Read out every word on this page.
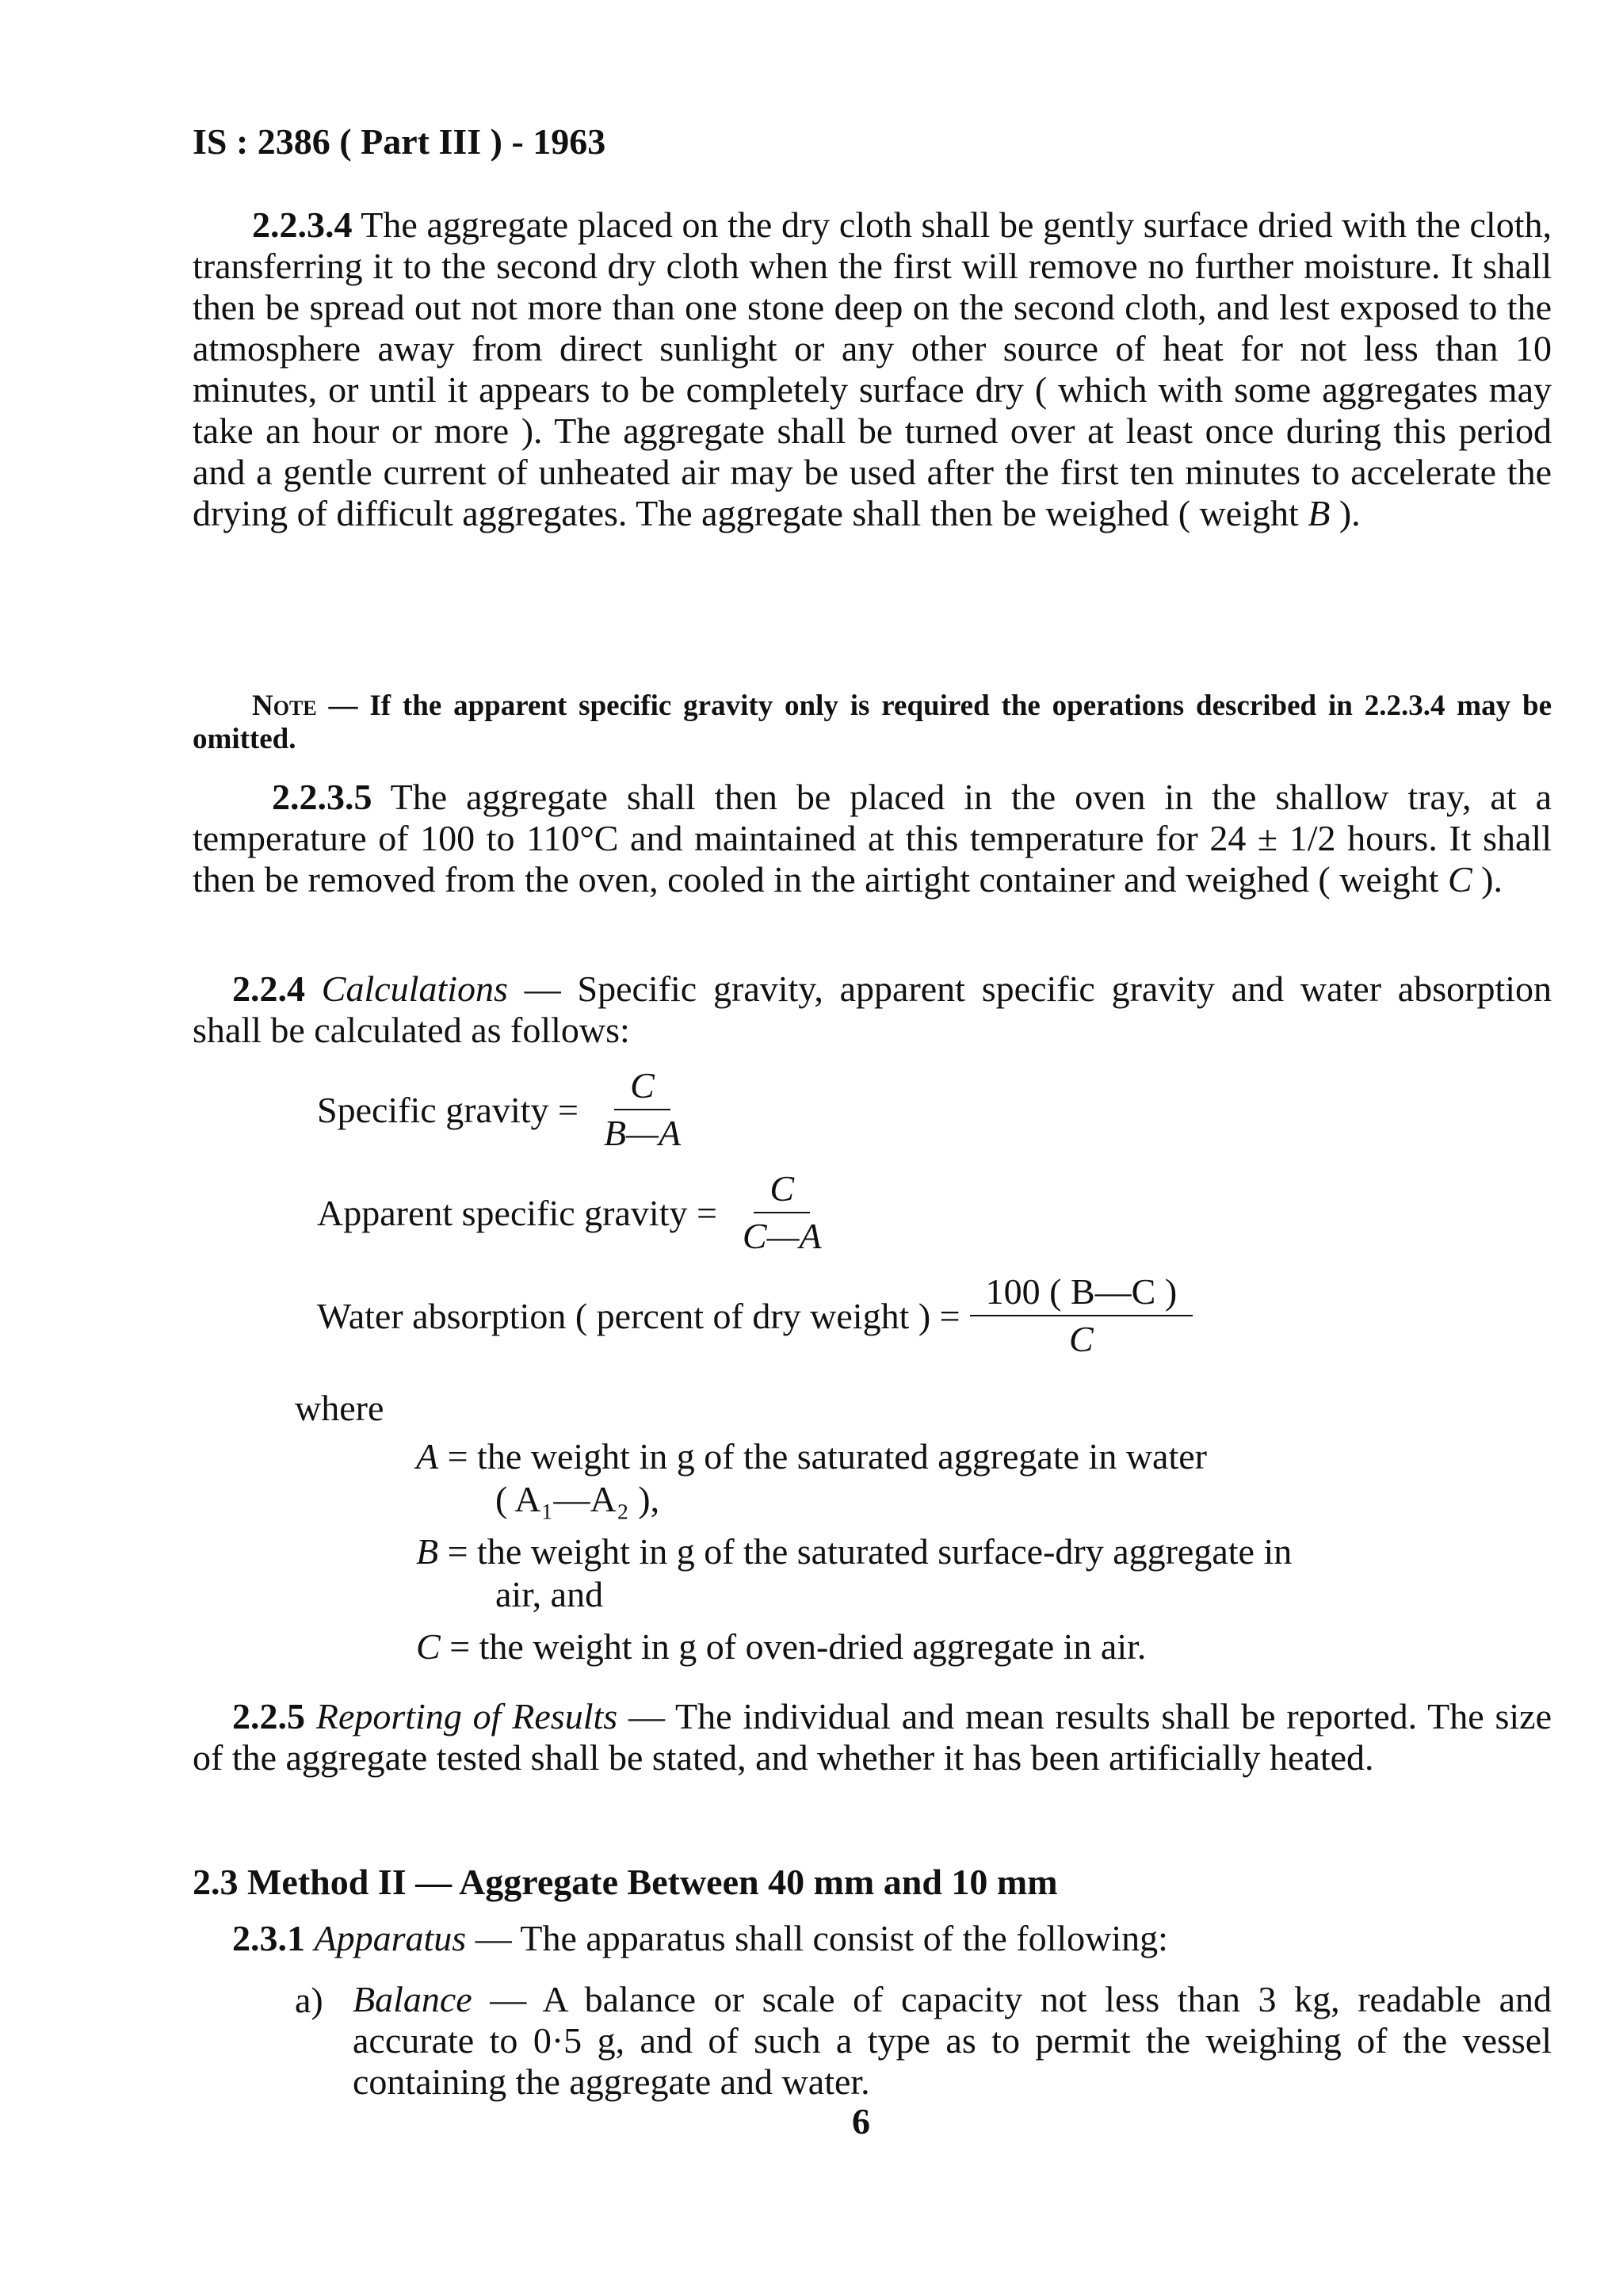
IS : 2386 ( Part III ) - 1963
2.2.3.4 The aggregate placed on the dry cloth shall be gently surface dried with the cloth, transferring it to the second dry cloth when the first will remove no further moisture. It shall then be spread out not more than one stone deep on the second cloth, and lest exposed to the atmosphere away from direct sunlight or any other source of heat for not less than 10 minutes, or until it appears to be completely surface dry ( which with some aggregates may take an hour or more ). The aggregate shall be turned over at least once during this period and a gentle current of unheated air may be used after the first ten minutes to accelerate the drying of difficult aggregates. The aggregate shall then be weighed ( weight B ).
Note — If the apparent specific gravity only is required the operations described in 2.2.3.4 may be omitted.
2.2.3.5 The aggregate shall then be placed in the oven in the shallow tray, at a temperature of 100 to 110°C and maintained at this temperature for 24 ± 1/2 hours. It shall then be removed from the oven, cooled in the airtight container and weighed ( weight C ).
2.2.4 Calculations — Specific gravity, apparent specific gravity and water absorption shall be calculated as follows:
Specific gravity = $\frac{C}{B—A}$
Apparent specific gravity = $\frac{C}{C—A}$
Water absorption ( percent of dry weight ) = $\frac{100 ( B—C )}{C}$
where
A = the weight in g of the saturated aggregate in water
( A₁—A₂ ),
B = the weight in g of the saturated surface-dry aggregate in
air, and
C = the weight in g of oven-dried aggregate in air.
2.2.5 Reporting of Results — The individual and mean results shall be reported. The size of the aggregate tested shall be stated, and whether it has been artificially heated.
2.3 Method II — Aggregate Between 40 mm and 10 mm
2.3.1 Apparatus — The apparatus shall consist of the following:
a) Balance — A balance or scale of capacity not less than 3 kg, readable and accurate to 0·5 g, and of such a type as to permit the weighing of the vessel containing the aggregate and water.
6
